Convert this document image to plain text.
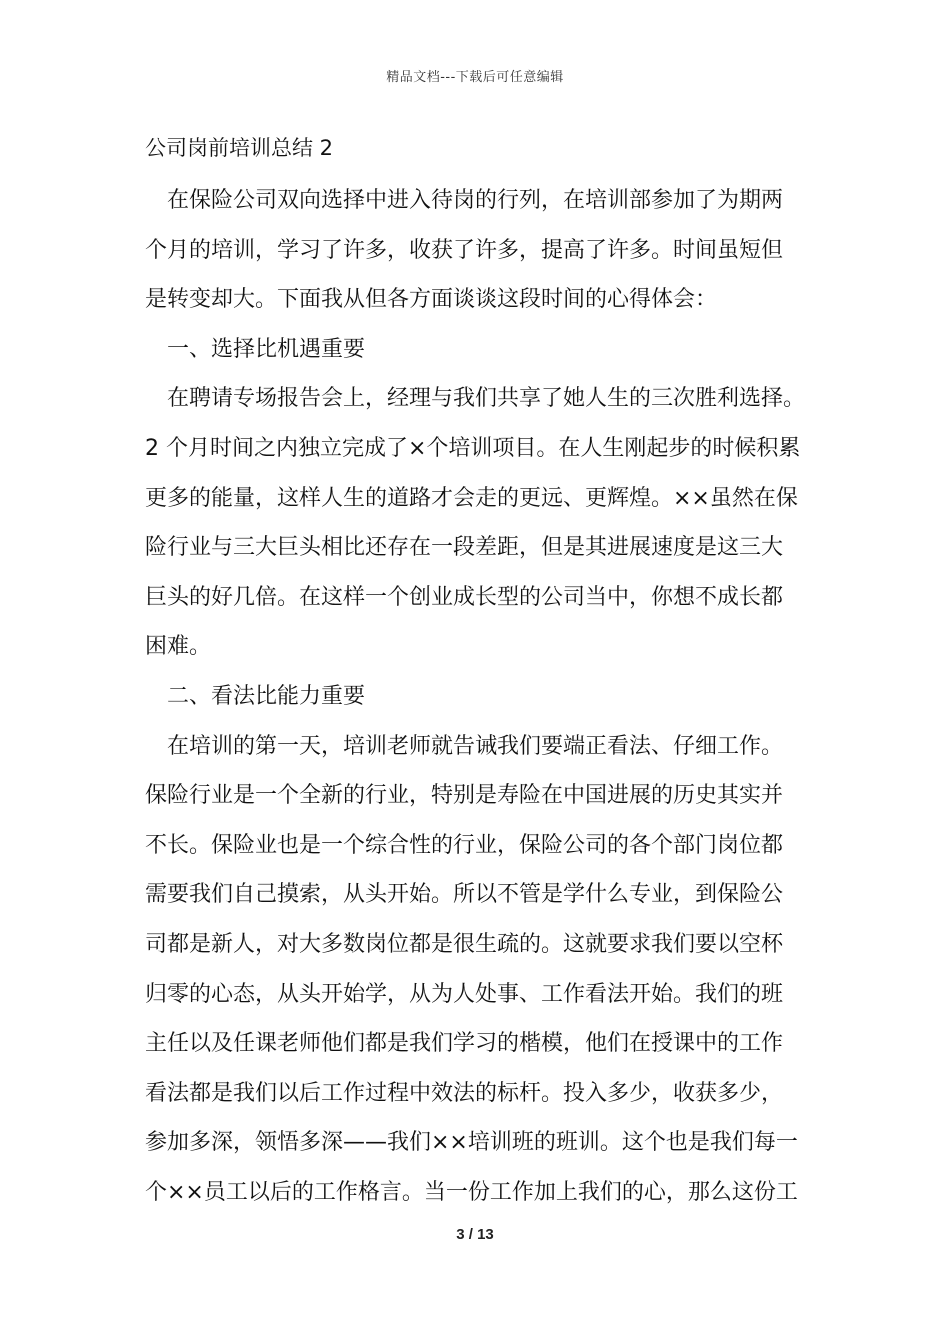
精品文档---下载后可任意编辑
公司岗前培训总结 2
在保险公司双向选择中进入待岗的行列，在培训部参加了为期两
个月的培训，学习了许多，收获了许多，提高了许多。时间虽短但
是转变却大。下面我从但各方面谈谈这段时间的心得体会：
一、选择比机遇重要
在聘请专场报告会上，经理与我们共享了她人生的三次胜利选择。
2 个月时间之内独立完成了×个培训项目。在人生刚起步的时候积累
更多的能量，这样人生的道路才会走的更远、更辉煌。××虽然在保
险行业与三大巨头相比还存在一段差距，但是其进展速度是这三大
巨头的好几倍。在这样一个创业成长型的公司当中，你想不成长都
困难。
二、看法比能力重要
在培训的第一天，培训老师就告诫我们要端正看法、仔细工作。
保险行业是一个全新的行业，特别是寿险在中国进展的历史其实并
不长。保险业也是一个综合性的行业，保险公司的各个部门岗位都
需要我们自己摸索，从头开始。所以不管是学什么专业，到保险公
司都是新人，对大多数岗位都是很生疏的。这就要求我们要以空杯
归零的心态，从头开始学，从为人处事、工作看法开始。我们的班
主任以及任课老师他们都是我们学习的楷模，他们在授课中的工作
看法都是我们以后工作过程中效法的标杆。投入多少，收获多少，
参加多深，领悟多深——我们××培训班的班训。这个也是我们每一
个××员工以后的工作格言。当一份工作加上我们的心，那么这份工
3 / 13
